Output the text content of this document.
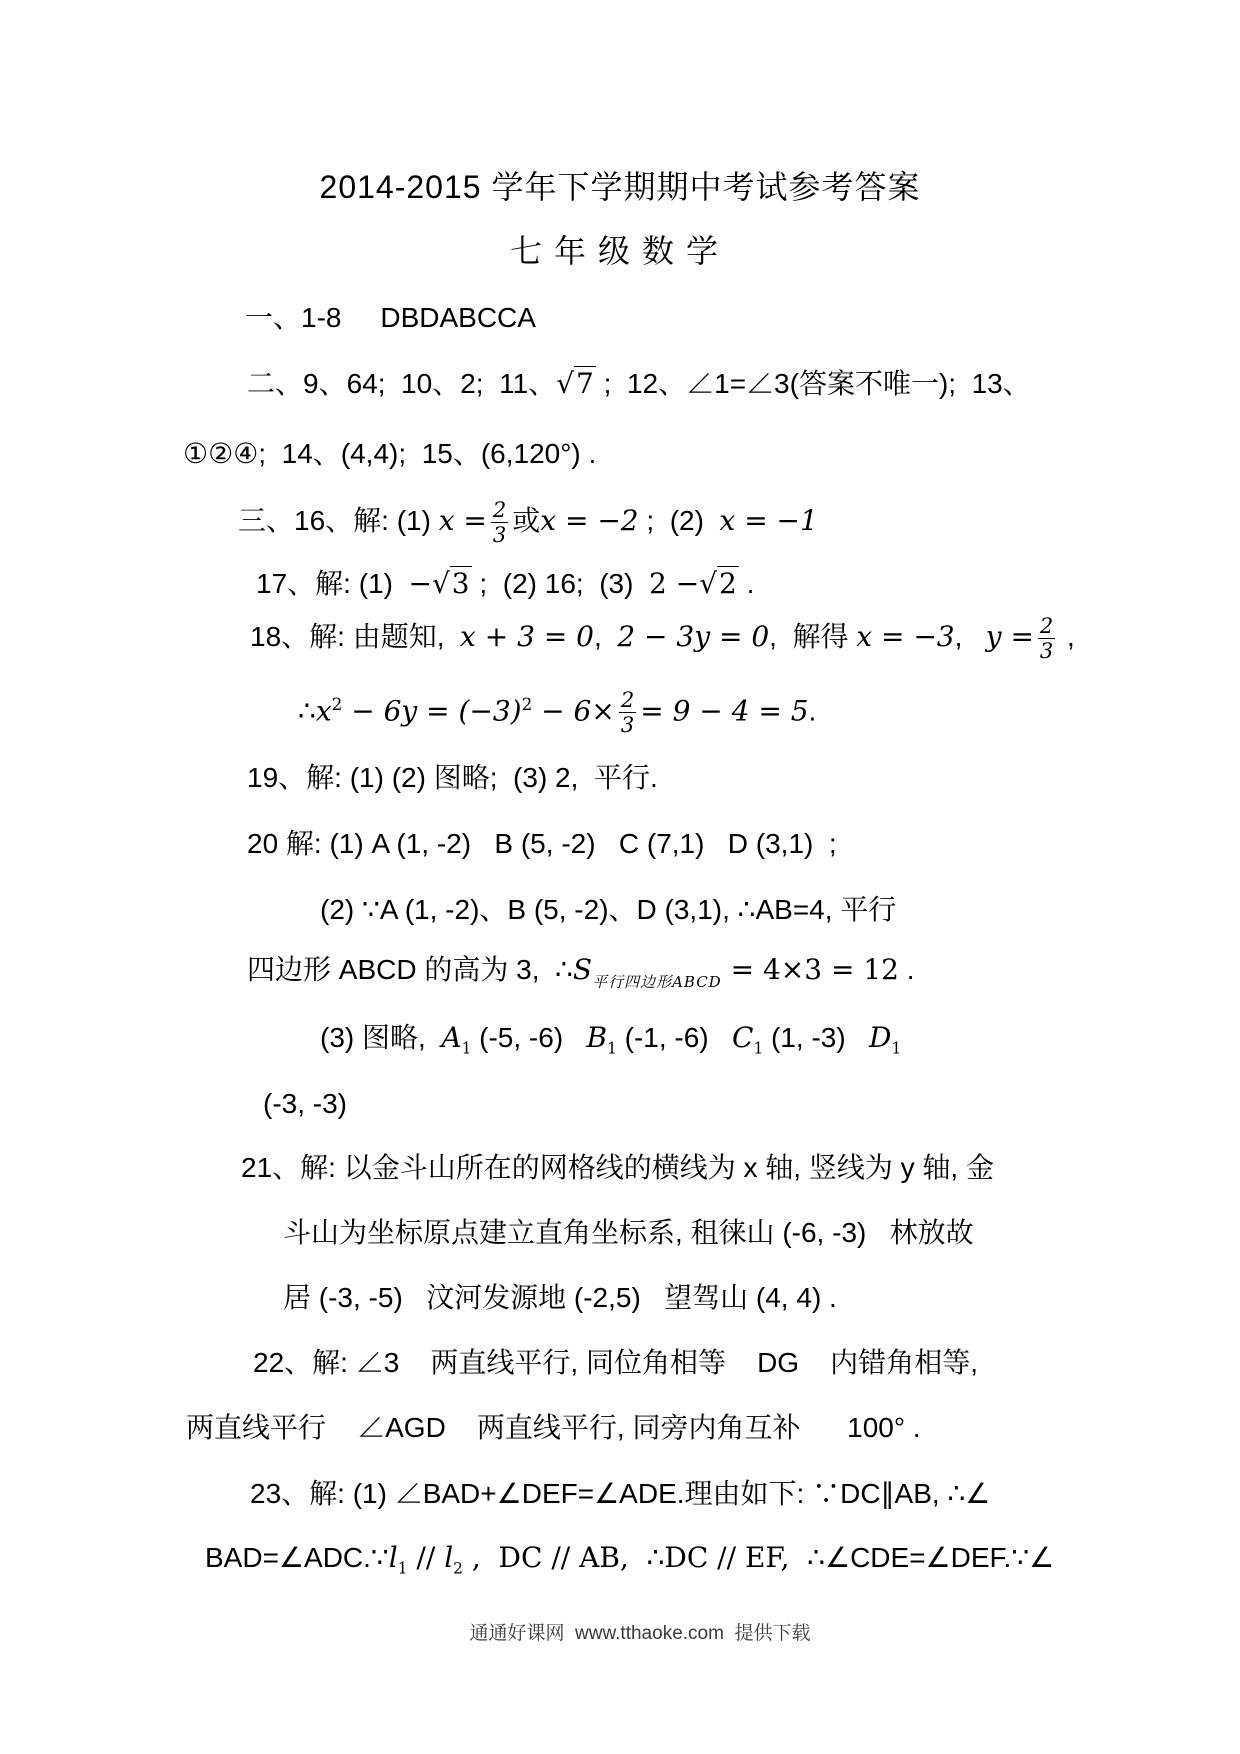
2014-2015 学年下学期期中考试参考答案
七年级数学
一、1-8     DBDABCCA
二、9、64;  10、2;  11、√7 ;  12、∠1=∠3(答案不唯一);  13、
①②④;  14、(4,4);  15、(6,120°) .
三、16、解: (1) $x = \frac{2}{3}$ 或x = −2 ;  (2)  x = −1
17、解: (1)  −√3 ;  (2) 16;  (3)  2 −√2 .
18、解: 由题知,  x + 3 = 0,  2 − 3y = 0,  解得 x = −3,   $y = \frac{2}{3}$ ,
$\therefore x^2 - 6y = (-3)^2 - 6\times \frac{2}{3} = 9 - 4 = 5$.
19、解: (1) (2) 图略;  (3) 2,  平行.
20 解: (1) A (1, -2)   B (5, -2)   C (7,1)   D (3,1)  ;
(2) ∵A (1, -2)、B (5, -2)、D (3,1), ∴AB=4, 平行
四边形 ABCD 的高为 3,  $\therefore S_{平行四边形ABCD} = 4\times 3 = 12$ .
(3) 图略,  $A_1$ (-5, -6)   $B_1$ (-1, -6)   $C_1$ (1, -3)   $D_1$
(-3, -3)
21、解: 以金斗山所在的网格线的横线为 x 轴, 竖线为 y 轴, 金
斗山为坐标原点建立直角坐标系, 租徕山 (-6, -3)   林放故
居 (-3, -5)   汶河发源地 (-2,5)   望驾山 (4, 4) .
22、解: ∠3    两直线平行, 同位角相等    DG    内错角相等,
两直线平行    ∠AGD    两直线平行, 同旁内角互补      100° .
23、解: (1) ∠BAD+∠DEF=∠ADE.理由如下: ∵DC∥AB, ∴∠
$BAD=\angle ADC.\because l_1 // l_2$ ,  DC // AB,  ∴DC // EF,  ∴∠CDE=∠DEF.∵∠
通通好课网  www.tthaoke.com  提供下载
